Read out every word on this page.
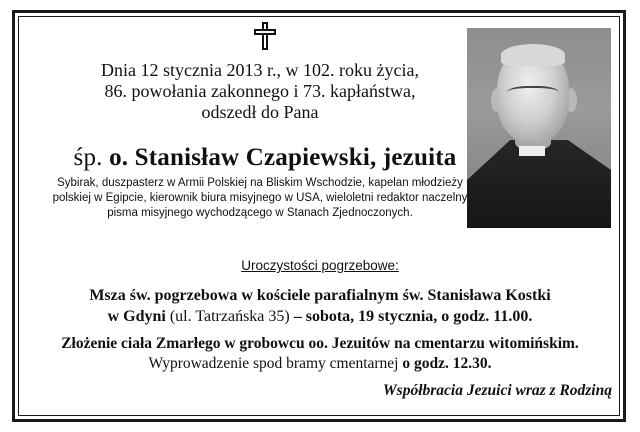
Dnia 12 stycznia 2013 r., w 102. roku życia,
86. powołania zakonnego i 73. kapłaństwa,
odszedł do Pana
śp. o. Stanisław Czapiewski, jezuita
Sybirak, duszpasterz w Armii Polskiej na Bliskim Wschodzie, kapelan młodzieży
polskiej w Egipcie, kierownik biura misyjnego w USA, wieloletni redaktor naczelny
pisma misyjnego wychodzącego w Stanach Zjednoczonych.
Uroczystości pogrzebowe:
Msza św. pogrzebowa w kościele parafialnym św. Stanisława Kostki
w Gdyni (ul. Tatrzańska 35) – sobota, 19 stycznia, o godz. 11.00.
Złożenie ciała Zmarłego w grobowcu oo. Jezuitów na cmentarzu witomińskim.
Wyprowadzenie spod bramy cmentarnej o godz. 12.30.
Współbracia Jezuici wraz z Rodziną
